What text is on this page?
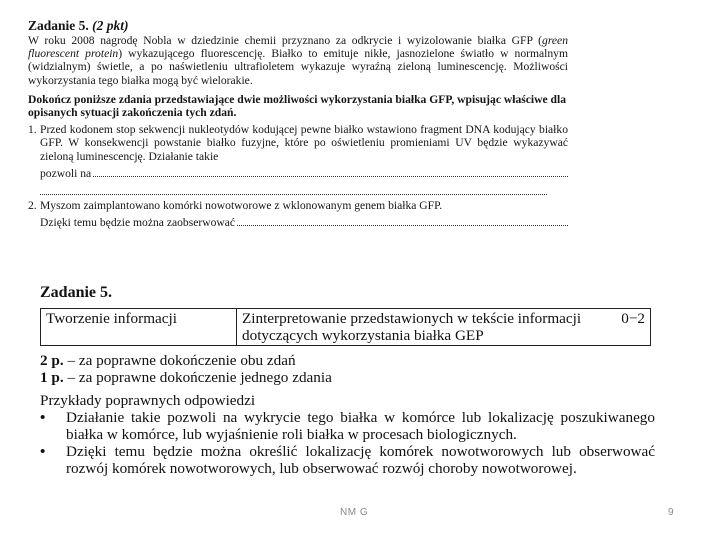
Zadanie 5. (2 pkt)

W roku 2008 nagrodę Nobla w dziedzinie chemii przyznano za odkrycie i wyizolowanie białka GFP (green fluorescent protein) wykazującego fluorescencję. Białko to emituje nikłe, jasnozielone światło w normalnym (widzialnym) świetle, a po naświetleniu ultrafioletem wykazuje wyraźną zieloną luminescencję. Możliwości wykorzystania tego białka mogą być wielorakie.

Dokończ poniższe zdania przedstawiające dwie możliwości wykorzystania białka GFP, wpisując właściwe dla opisanych sytuacji zakończenia tych zdań.

1. Przed kodonem stop sekwencji nukleotydów kodującej pewne białko wstawiono fragment DNA kodujący białko GFP. W konsekwencji powstanie białko fuzyjne, które po oświetleniu promieniami UV będzie wykazywać zieloną luminescencję. Działanie takie
pozwoli na
2. Myszom zaimplantowano komórki nowotworowe z wklonowanym genem białka GFP.
Dzięki temu będzie można zaobserwować

Zadanie 5.

Tworzenie informacji	Zinterpretowanie przedstawionych w tekście informacji dotyczących wykorzystania białka GEP	0−2

2 p. – za poprawne dokończenie obu zdań

1 p. – za poprawne dokończenie jednego zdania

Przykłady poprawnych odpowiedzi

• Działanie takie pozwoli na wykrycie tego białka w komórce lub lokalizację poszukiwanego białka w komórce, lub wyjaśnienie roli białka w procesach biologicznych.

• Dzięki temu będzie można określić lokalizację komórek nowotworowych lub obserwować rozwój komórek nowotworowych, lub obserwować rozwój choroby nowotworowej.

NM G	9
